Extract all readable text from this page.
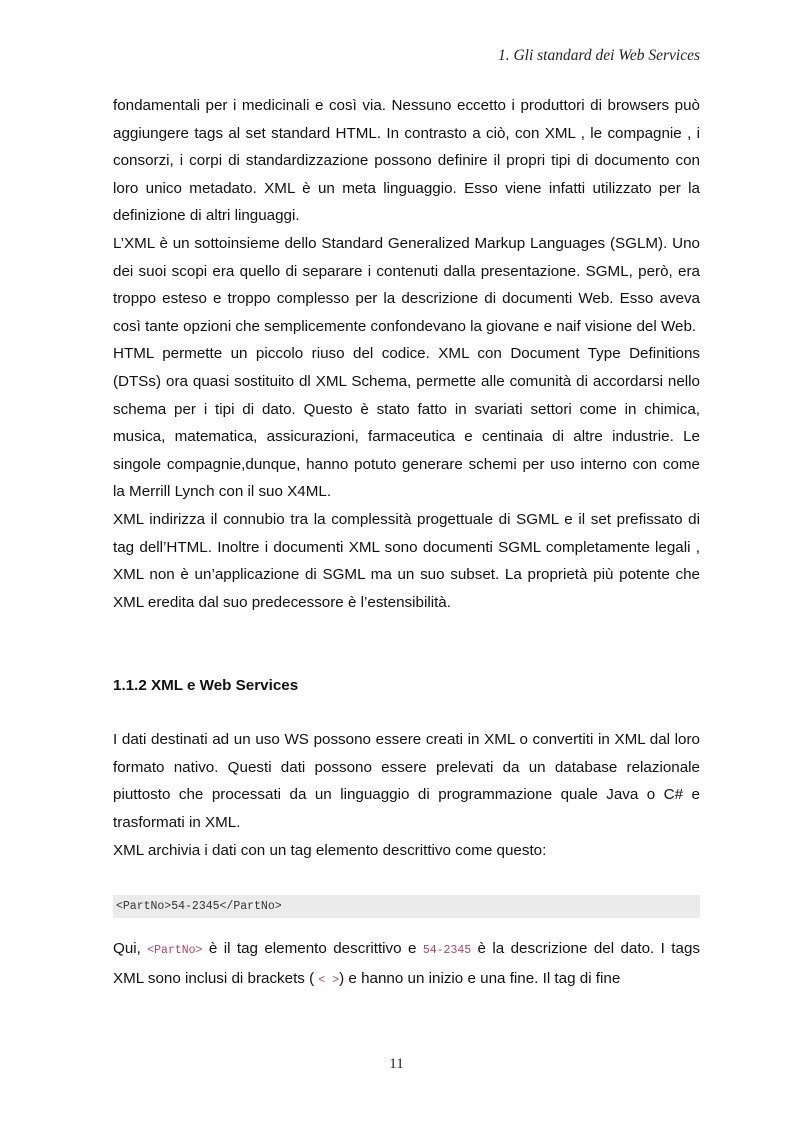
1. Gli standard dei Web Services

fondamentali per i medicinali e così via. Nessuno eccetto i produttori di browsers può aggiungere tags al set standard HTML. In contrasto a ciò, con XML , le compagnie , i consorzi, i corpi di standardizzazione possono definire il propri tipi di documento con loro unico metadato. XML è un meta linguaggio. Esso viene infatti utilizzato per la definizione di altri linguaggi.

L’XML è un sottoinsieme dello Standard Generalized Markup Languages (SGLM). Uno dei suoi scopi era quello di separare i contenuti dalla presentazione. SGML, però, era troppo esteso e troppo complesso per la descrizione di documenti Web. Esso aveva così tante opzioni che semplicemente confondevano la giovane e naif visione del Web.

HTML permette un piccolo riuso del codice. XML con Document Type Definitions (DTSs) ora quasi sostituito dl XML Schema, permette alle comunità di accordarsi nello schema per i tipi di dato. Questo è stato fatto in svariati settori come in chimica, musica, matematica, assicurazioni, farmaceutica e centinaia di altre industrie. Le singole compagnie,dunque, hanno potuto generare schemi per uso interno con come la Merrill Lynch con il suo X4ML.

XML indirizza il connubio tra la complessità progettuale di SGML e il set prefissato di tag dell’HTML. Inoltre i documenti XML sono documenti SGML completamente legali , XML non è un’applicazione di SGML ma un suo subset. La proprietà più potente che XML eredita dal suo predecessore è l’estensibilità.

1.1.2 XML e Web Services

I dati destinati ad un uso WS possono essere creati in XML o convertiti in XML dal loro formato nativo. Questi dati possono essere prelevati da un database relazionale piuttosto che processati da un linguaggio di programmazione quale Java o C# e trasformati in XML.

XML archivia i dati con un tag elemento descrittivo come questo:

<PartNo>54-2345</PartNo>

Qui, <PartNo> è il tag elemento descrittivo e 54-2345 è la descrizione del dato. I tags XML sono inclusi di brackets ( < >) e hanno un inizio e una fine. Il tag di fine

11
